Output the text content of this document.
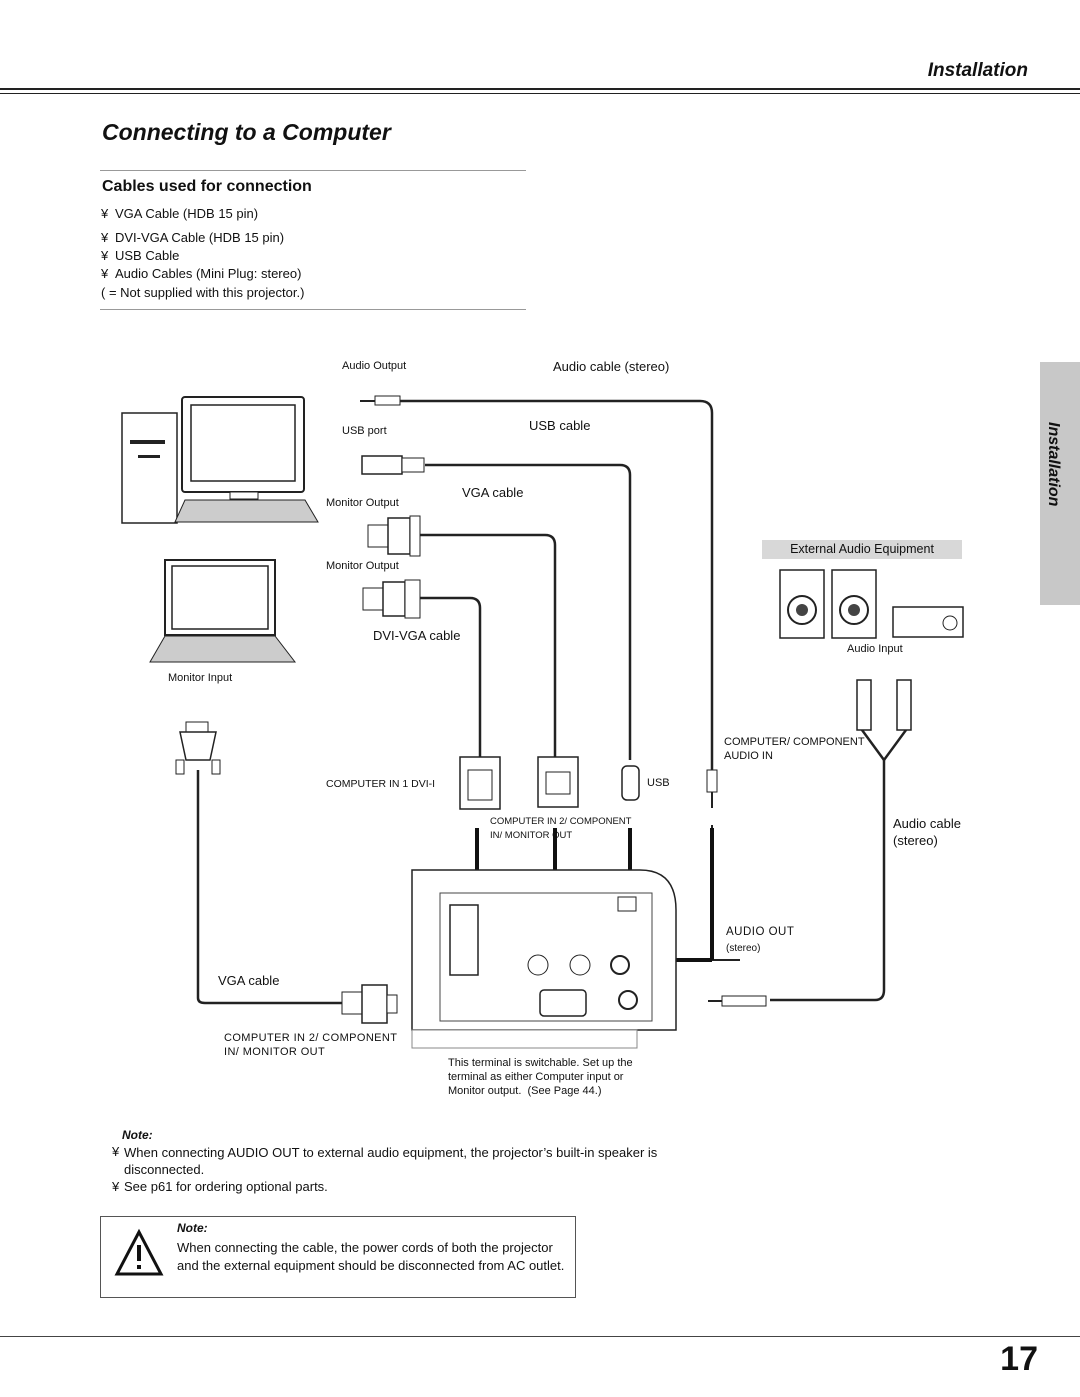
Installation
Connecting to a Computer
Cables used for connection
¥ VGA Cable (HDB 15 pin)
¥ DVI-VGA Cable (HDB 15 pin)
¥ USB Cable
¥ Audio Cables (Mini Plug: stereo)
( = Not supplied with this projector.)
Installation
Audio Output	Audio cable (stereo)
USB port	USB cable
Monitor Output
VGA cable
Monitor Output
DVI-VGA cable
Monitor Input
External Audio Equipment
Audio Input
COMPUTER/ COMPONENT
AUDIO IN
COMPUTER IN 1 DVI-I	USB
COMPUTER IN 2/ COMPONENT
IN/ MONITOR OUT
Audio cable
(stereo)
AUDIO OUT
(stereo)
VGA cable
COMPUTER IN 2/ COMPONENT
IN/ MONITOR OUT
This terminal is switchable. Set up the
terminal as either Computer input or
Monitor output.  (See Page 44.)
Note:
¥ When connecting AUDIO OUT to external audio equipment, the projector’s built-in speaker is disconnected.
¥ See p61 for ordering optional parts.
Note:
When connecting the cable, the power cords of both the projector and the external equipment should be disconnected from AC outlet.
17
